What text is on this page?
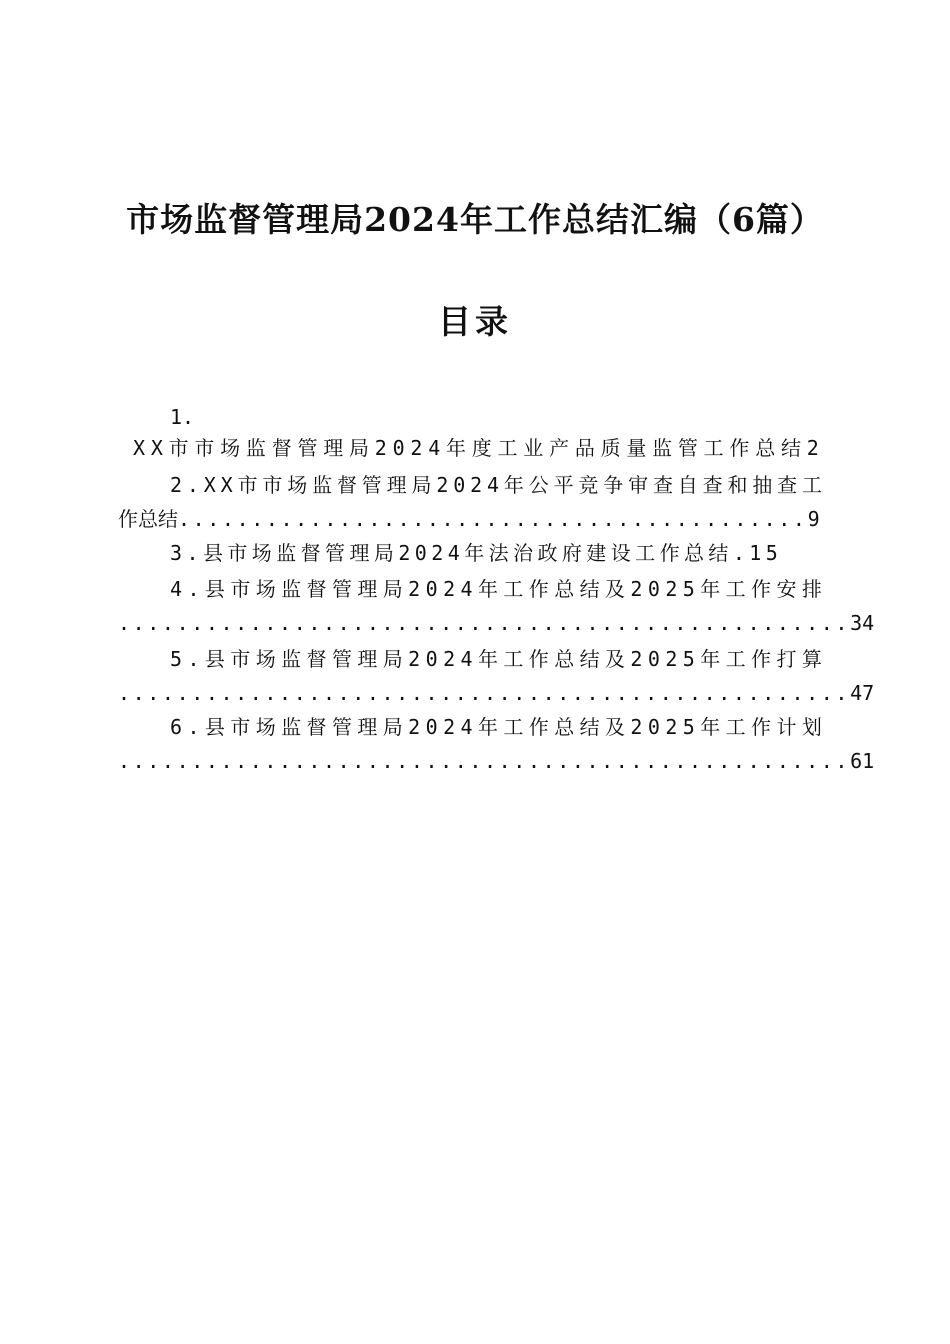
市场监督管理局2024年工作总结汇编（6篇）
目录
1.
X X 市 市 场 监 督 管 理 局 2 0 2 4 年 度 工 业 产 品 质 量 监 管 工 作 总 结 2
2 . X X 市 市 场 监 督 管 理 局 2 0 2 4 年 公 平 竞 争 审 查 自 查 和 抽 查 工
作总结...........................................9
3 . 县 市 场 监 督 管 理 局 2 0 2 4 年 法 治 政 府 建 设 工 作 总 结 . 1 5
4 . 县 市 场 监 督 管 理 局 2 0 2 4 年 工 作 总 结 及 2 0 2 5 年 工 作 安 排
..................................................34
5 . 县 市 场 监 督 管 理 局 2 0 2 4 年 工 作 总 结 及 2 0 2 5 年 工 作 打 算
..................................................47
6 . 县 市 场 监 督 管 理 局 2 0 2 4 年 工 作 总 结 及 2 0 2 5 年 工 作 计 划
..................................................61
